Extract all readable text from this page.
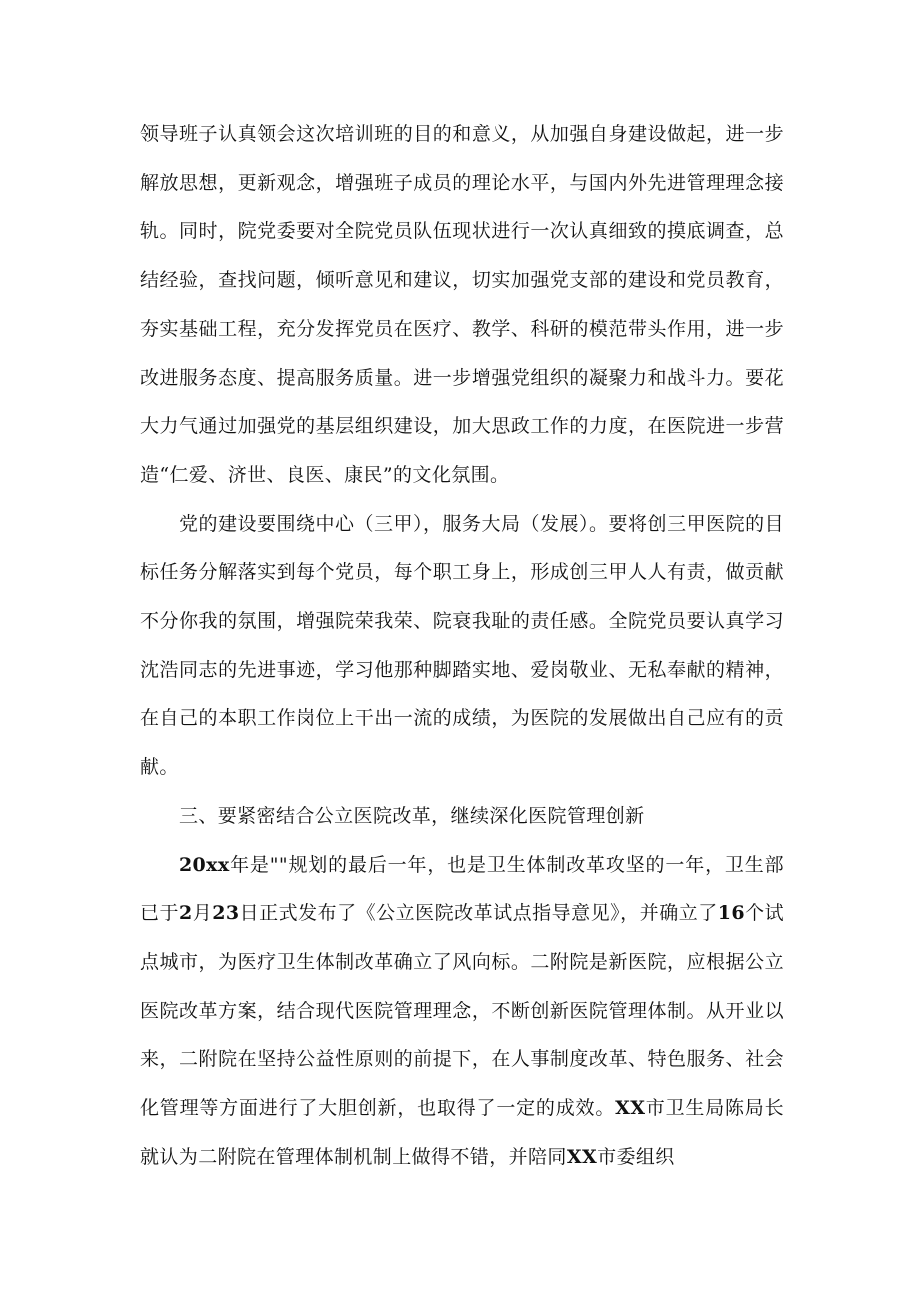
领导班子认真领会这次培训班的目的和意义，从加强自身建设做起，进一步解放思想，更新观念，增强班子成员的理论水平，与国内外先进管理理念接轨。同时，院党委要对全院党员队伍现状进行一次认真细致的摸底调查，总结经验，查找问题，倾听意见和建议，切实加强党支部的建设和党员教育，夯实基础工程，充分发挥党员在医疗、教学、科研的模范带头作用，进一步改进服务态度、提高服务质量。进一步增强党组织的凝聚力和战斗力。要花大力气通过加强党的基层组织建设，加大思政工作的力度，在医院进一步营造“仁爱、济世、良医、康民”的文化氛围。

党的建设要围绕中心（三甲），服务大局（发展）。要将创三甲医院的目标任务分解落实到每个党员，每个职工身上，形成创三甲人人有责，做贡献不分你我的氛围，增强院荣我荣、院衰我耻的责任感。全院党员要认真学习沈浩同志的先进事迹，学习他那种脚踏实地、爱岗敬业、无私奉献的精神，在自己的本职工作岗位上干出一流的成绩，为医院的发展做出自己应有的贡献。

三、要紧密结合公立医院改革，继续深化医院管理创新

20xx年是""规划的最后一年，也是卫生体制改革攻坚的一年，卫生部已于2月23日正式发布了《公立医院改革试点指导意见》，并确立了16个试点城市，为医疗卫生体制改革确立了风向标。二附院是新医院，应根据公立医院改革方案，结合现代医院管理理念，不断创新医院管理体制。从开业以来，二附院在坚持公益性原则的前提下，在人事制度改革、特色服务、社会化管理等方面进行了大胆创新，也取得了一定的成效。XX市卫生局陈局长就认为二附院在管理体制机制上做得不错，并陪同XX市委组织
